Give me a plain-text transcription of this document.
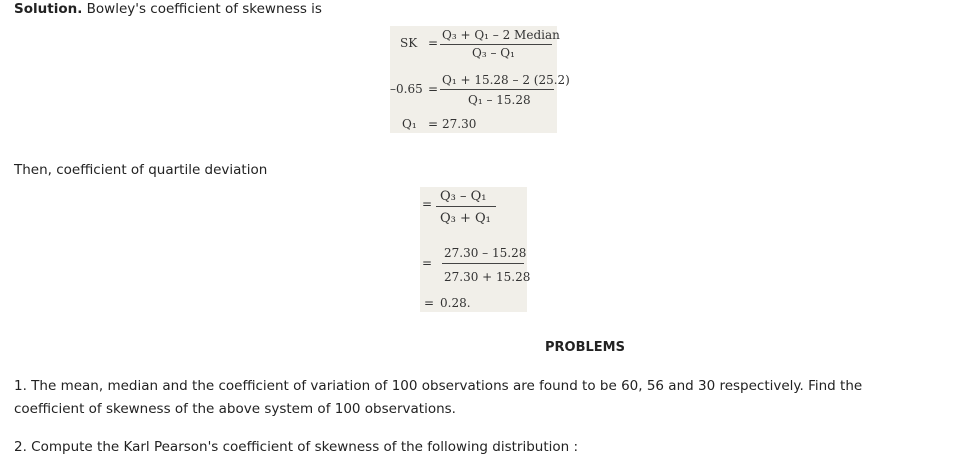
Solution. Bowley's coefficient of skewness is

SK =
Q₃ + Q₁ – 2 Median
Q₃ – Q₁
–0.65 =
Q₁ + 15.28 – 2 (25.2)
Q₁ – 15.28
Q₁ = 27.30

Then, coefficient of quartile deviation

= Q₃ – Q₁
Q₃ + Q₁
=
27.30 – 15.28
27.30 + 15.28
= 0.28.
PROBLEMS

1. The mean, median and the coefficient of variation of 100 observations are found to be 60, 56 and 30 respectively. Find the

coefficient of skewness of the above system of 100 observations.

2. Compute the Karl Pearson's coefficient of skewness of the following distribution :
